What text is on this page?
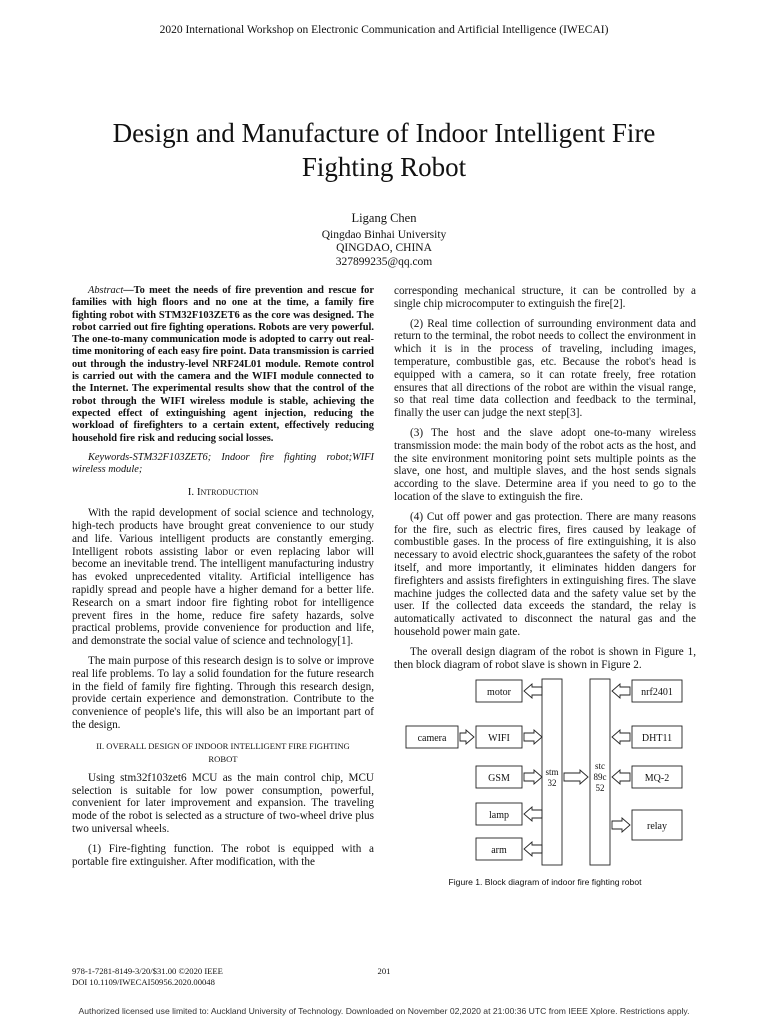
2020 International Workshop on Electronic Communication and Artificial Intelligence (IWECAI)
Design and Manufacture of Indoor Intelligent Fire
Fighting Robot
Ligang Chen
Qingdao Binhai University
QINGDAO, CHINA
327899235@qq.com

Abstract—To meet the needs of fire prevention and rescue for families with high floors and no one at the time, a family fire fighting robot with STM32F103ZET6 as the core was designed. The robot carried out fire fighting operations. Robots are very powerful. The one-to-many communication mode is adopted to carry out real-time monitoring of each easy fire point. Data transmission is carried out through the industry-level NRF24L01 module. Remote control is carried out with the camera and the WIFI module connected to the Internet. The experimental results show that the control of the robot through the WIFI wireless module is stable, achieving the expected effect of extinguishing agent injection, reducing the workload of firefighters to a certain extent, effectively reducing household fire risk and reducing social losses.

Keywords-STM32F103ZET6; Indoor fire fighting robot;WIFI wireless module;

I. Introduction

With the rapid development of social science and technology, high-tech products have brought great convenience to our study and life. Various intelligent products are constantly emerging. Intelligent robots assisting labor or even replacing labor will become an inevitable trend. The intelligent manufacturing industry has evoked unprecedented vitality. Artificial intelligence has rapidly spread and people have a higher demand for a better life. Research on a smart indoor fire fighting robot for intelligence prevent fires in the home, reduce fire safety hazards, solve practical problems, provide convenience for production and life, and demonstrate the social value of science and technology[1].

The main purpose of this research design is to solve or improve real life problems. To lay a solid foundation for the future research in the field of family fire fighting. Through this research design, provide certain experience and demonstration. Contribute to the convenience of people's life, this will also be an important part of the design.

II. OVERALL DESIGN OF INDOOR INTELLIGENT FIRE FIGHTING ROBOT

Using stm32f103zet6 MCU as the main control chip, MCU selection is suitable for low power consumption, powerful, convenient for later improvement and expansion. The traveling mode of the robot is selected as a structure of two-wheel drive plus two universal wheels.

(1) Fire-fighting function. The robot is equipped with a portable fire extinguisher. After modification, with the

corresponding mechanical structure, it can be controlled by a single chip microcomputer to extinguish the fire[2].

(2) Real time collection of surrounding environment data and return to the terminal, the robot needs to collect the environment in which it is in the process of traveling, including images, temperature, combustible gas, etc. Because the robot's head is equipped with a camera, so it can rotate freely, free rotation ensures that all directions of the robot are within the visual range, so that real time data collection and feedback to the terminal, finally the user can judge the next step[3].

(3) The host and the slave adopt one-to-many wireless transmission mode: the main body of the robot acts as the host, and the site environment monitoring point sets multiple points as the slave, one host, and multiple slaves, and the host sends signals according to the slave. Determine area if you need to go to the location of the slave to extinguish the fire.

(4) Cut off power and gas protection. There are many reasons for the fire, such as electric fires, fires caused by leakage of combustible gases. In the process of fire extinguishing, it is also necessary to avoid electric shock,guarantees the safety of the robot itself, and more importantly, it eliminates hidden dangers for firefighters and assists firefighters in extinguishing fires. The slave machine judges the collected data and the safety value set by the user. If the collected data exceeds the standard, the relay is automatically activated to disconnect the natural gas and the household power main gate.

The overall design diagram of the robot is shown in Figure 1, then block diagram of robot slave is shown in Figure 2.

motor
WIFI
GSM
lamp
arm
camera
stm
32
stc
89c
52
nrf2401
DHT11
MQ-2
relay
Figure 1. Block diagram of indoor fire fighting robot
978-1-7281-8149-3/20/$31.00 ©2020 IEEE
DOI 10.1109/IWECAI50956.2020.00048
201
Authorized licensed use limited to: Auckland University of Technology. Downloaded on November 02,2020 at 21:00:36 UTC from IEEE Xplore. Restrictions apply.
